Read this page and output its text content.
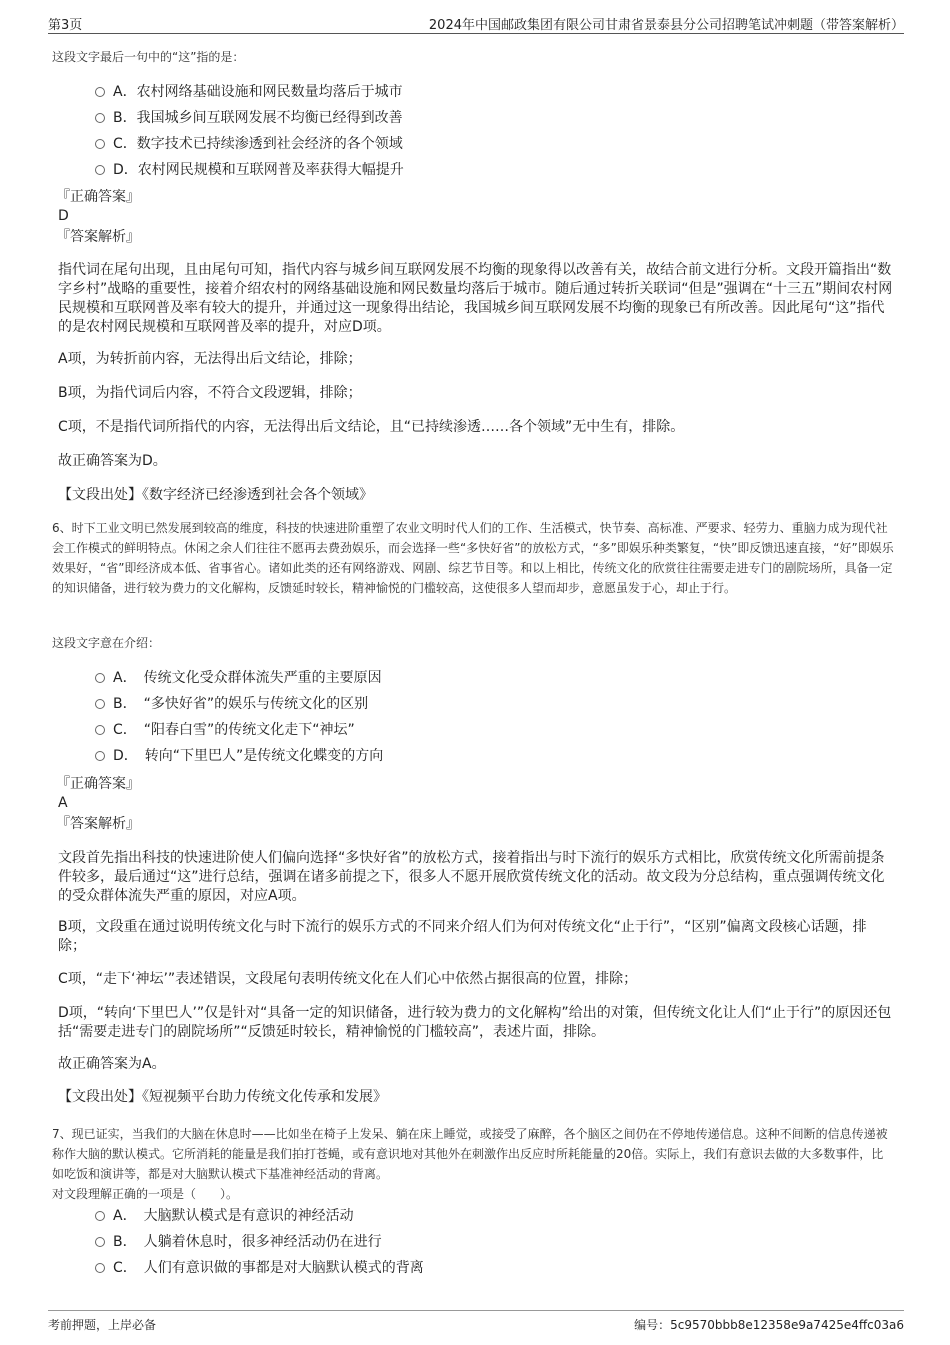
第3页	2024年中国邮政集团有限公司甘肃省景泰县分公司招聘笔试冲刺题（带答案解析）
这段文字最后一句中的“这”指的是：
A．农村网络基础设施和网民数量均落后于城市
B．我国城乡间互联网发展不均衡已经得到改善
C．数字技术已持续渗透到社会经济的各个领域
D．农村网民规模和互联网普及率获得大幅提升
『正确答案』
D
『答案解析』
指代词在尾句出现，且由尾句可知，指代内容与城乡间互联网发展不均衡的现象得以改善有关，故结合前文进行分析。文段开篇指出“数字乡村”战略的重要性，接着介绍农村的网络基础设施和网民数量均落后于城市。随后通过转折关联词“但是”强调在“十三五”期间农村网民规模和互联网普及率有较大的提升，并通过这一现象得出结论，我国城乡间互联网发展不均衡的现象已有所改善。因此尾句“这”指代的是农村网民规模和互联网普及率的提升，对应D项。
A项，为转折前内容，无法得出后文结论，排除；
B项，为指代词后内容，不符合文段逻辑，排除；
C项，不是指代词所指代的内容，无法得出后文结论，且“已持续渗透……各个领域”无中生有，排除。
故正确答案为D。
【文段出处】《数字经济已经渗透到社会各个领域》
6、时下工业文明已然发展到较高的维度，科技的快速进阶重塑了农业文明时代人们的工作、生活模式，快节奏、高标准、严要求、轻劳力、重脑力成为现代社会工作模式的鲜明特点。休闲之余人们往往不愿再去费劲娱乐，而会选择一些“多快好省”的放松方式，“多”即娱乐种类繁复，“快”即反馈迅速直接，“好”即娱乐效果好，“省”即经济成本低、省事省心。诸如此类的还有网络游戏、网剧、综艺节目等。和以上相比，传统文化的欣赏往往需要走进专门的剧院场所，具备一定的知识储备，进行较为费力的文化解构，反馈延时较长，精神愉悦的门槛较高，这使很多人望而却步，意愿虽发于心，却止于行。
这段文字意在介绍：
A．　传统文化受众群体流失严重的主要原因
B．　“多快好省”的娱乐与传统文化的区别
C．　“阳春白雪”的传统文化走下“神坛”
D．　转向“下里巴人”是传统文化蝶变的方向
『正确答案』
A
『答案解析』
文段首先指出科技的快速进阶使人们偏向选择“多快好省”的放松方式，接着指出与时下流行的娱乐方式相比，欣赏传统文化所需前提条件较多，最后通过“这”进行总结，强调在诸多前提之下，很多人不愿开展欣赏传统文化的活动。故文段为分总结构，重点强调传统文化的受众群体流失严重的原因，对应A项。
B项，文段重在通过说明传统文化与时下流行的娱乐方式的不同来介绍人们为何对传统文化“止于行”，“区别”偏离文段核心话题，排除；
C项，“走下‘神坛’”表述错误，文段尾句表明传统文化在人们心中依然占据很高的位置，排除；
D项，“转向‘下里巴人’”仅是针对“具备一定的知识储备，进行较为费力的文化解构”给出的对策，但传统文化让人们“止于行”的原因还包括“需要走进专门的剧院场所”“反馈延时较长，精神愉悦的门槛较高”，表述片面，排除。
故正确答案为A。
【文段出处】《短视频平台助力传统文化传承和发展》
7、现已证实，当我们的大脑在休息时——比如坐在椅子上发呆、躺在床上睡觉，或接受了麻醉，各个脑区之间仍在不停地传递信息。这种不间断的信息传递被称作大脑的默认模式。它所消耗的能量是我们拍打苍蝇，或有意识地对其他外在刺激作出反应时所耗能量的20倍。实际上，我们有意识去做的大多数事件，比如吃饭和演讲等，都是对大脑默认模式下基准神经活动的背离。
对文段理解正确的一项是（　　）。
A．　大脑默认模式是有意识的神经活动
B．　人躺着休息时，很多神经活动仍在进行
C．　人们有意识做的事都是对大脑默认模式的背离
考前押题，上岸必备	编号：5c9570bbb8e12358e9a7425e4ffc03a6
